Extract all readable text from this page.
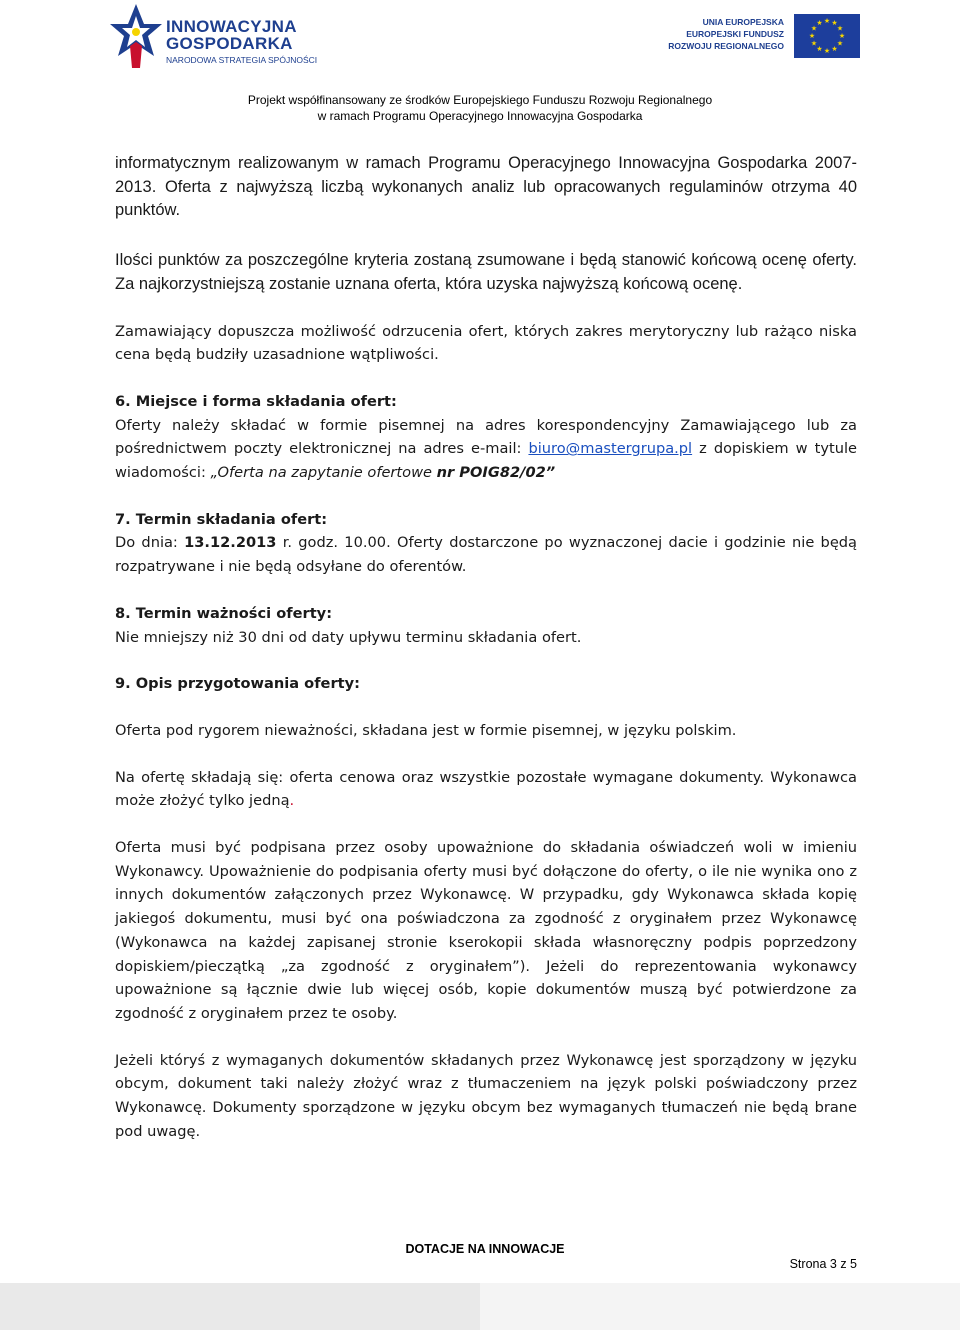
INNOWACYJNA
GOSPODARKA
NARODOWA STRATEGIA SPÓJNOŚCI
UNIA EUROPEJSKA
EUROPEJSKI FUNDUSZ
ROZWOJU REGIONALNEGO
★ ★
★
★
★
★
★
★
★
★
★
★
Projekt współfinansowany ze środków Europejskiego Funduszu Rozwoju Regionalnego
w ramach Programu Operacyjnego Innowacyjna Gospodarka

informatycznym realizowanym w ramach Programu Operacyjnego Innowacyjna Gospodarka 2007-2013. Oferta z najwyższą liczbą wykonanych analiz lub opracowanych regulaminów otrzyma 40 punktów.

Ilości punktów za poszczególne kryteria zostaną zsumowane i będą stanowić końcową ocenę oferty. Za najkorzystniejszą zostanie uznana oferta, która uzyska najwyższą końcową ocenę.

Zamawiający dopuszcza możliwość odrzucenia ofert, których zakres merytoryczny lub rażąco niska cena będą budziły uzasadnione wątpliwości.

6. Miejsce i forma składania ofert:

Oferty należy składać w formie pisemnej na adres korespondencyjny Zamawiającego lub za pośrednictwem poczty elektronicznej na adres e-mail: biuro@mastergrupa.pl z dopiskiem w tytule wiadomości: „Oferta na zapytanie ofertowe nr POIG82/02”

7. Termin składania ofert:

Do dnia: 13.12.2013 r. godz. 10.00. Oferty dostarczone po wyznaczonej dacie i godzinie nie będą rozpatrywane i nie będą odsyłane do oferentów.

8. Termin ważności oferty:

Nie mniejszy niż 30 dni od daty upływu terminu składania ofert.

9. Opis przygotowania oferty:

Oferta pod rygorem nieważności, składana jest w formie pisemnej, w języku polskim.

Na ofertę składają się: oferta cenowa oraz wszystkie pozostałe wymagane dokumenty. Wykonawca może złożyć tylko jedną.

Oferta musi być podpisana przez osoby upoważnione do składania oświadczeń woli w imieniu Wykonawcy. Upoważnienie do podpisania oferty musi być dołączone do oferty, o ile nie wynika ono z innych dokumentów załączonych przez Wykonawcę. W przypadku, gdy Wykonawca składa kopię jakiegoś dokumentu, musi być ona poświadczona za zgodność z oryginałem przez Wykonawcę (Wykonawca na każdej zapisanej stronie kserokopii składa własnoręczny podpis poprzedzony dopiskiem/pieczątką „za zgodność z oryginałem”). Jeżeli do reprezentowania wykonawcy upoważnione są łącznie dwie lub więcej osób, kopie dokumentów muszą być potwierdzone za zgodność z oryginałem przez te osoby.

Jeżeli któryś z wymaganych dokumentów składanych przez Wykonawcę jest sporządzony w języku obcym, dokument taki należy złożyć wraz z tłumaczeniem na język polski poświadczony przez Wykonawcę. Dokumenty sporządzone w języku obcym bez wymaganych tłumaczeń nie będą brane pod uwagę.

DOTACJE NA INNOWACJE
Strona 3 z 5
